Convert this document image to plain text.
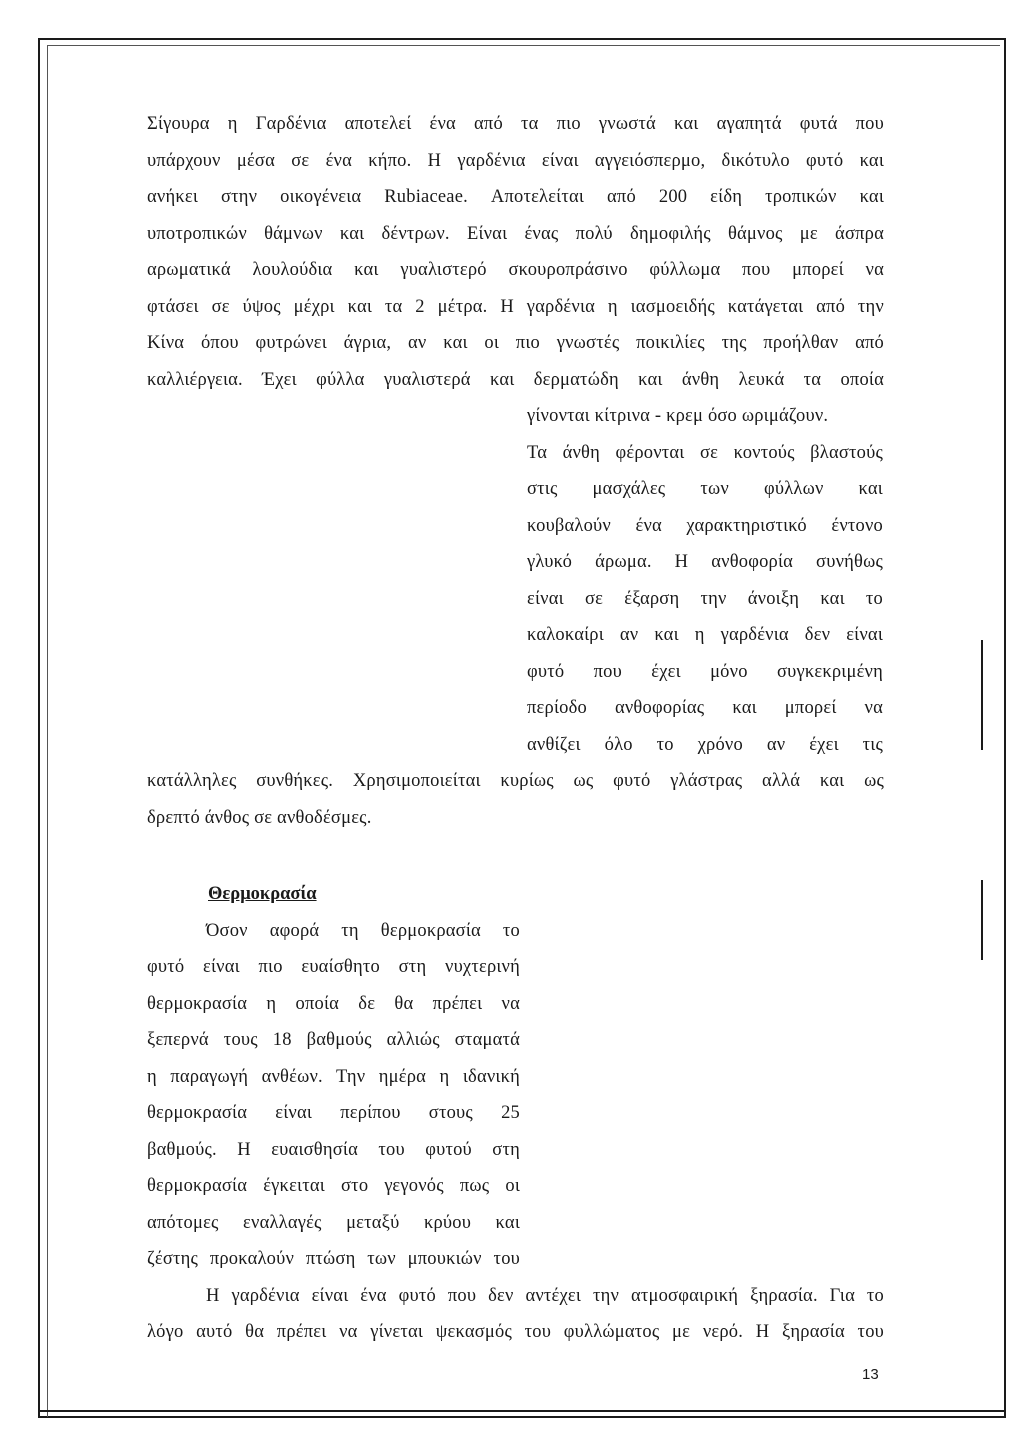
Σίγουρα η Γαρδένια αποτελεί ένα από τα πιο γνωστά και αγαπητά φυτά που
υπάρχουν μέσα σε ένα κήπο. Η γαρδένια είναι αγγειόσπερμο, δικότυλο φυτό και
ανήκει στην οικογένεια Rubiaceae. Αποτελείται από 200 είδη τροπικών και
υποτροπικών θάμνων και δέντρων. Είναι ένας πολύ δημοφιλής θάμνος με άσπρα
αρωματικά λουλούδια και γυαλιστερό σκουροπράσινο φύλλωμα που μπορεί να
φτάσει σε ύψος μέχρι και τα 2 μέτρα. Η γαρδένια η ιασμοειδής κατάγεται από την
Κίνα όπου φυτρώνει άγρια, αν και οι πιο γνωστές ποικιλίες της προήλθαν από
καλλιέργεια. Έχει φύλλα γυαλιστερά και δερματώδη και άνθη λευκά τα οποία
γίνονται κίτρινα - κρεμ όσο ωριμάζουν.
Τα άνθη φέρονται σε κοντούς βλαστούς
στις μασχάλες των φύλλων και
κουβαλούν ένα χαρακτηριστικό έντονο
γλυκό άρωμα. Η ανθοφορία συνήθως
είναι σε έξαρση την άνοιξη και το
καλοκαίρι αν και η γαρδένια δεν είναι
φυτό που έχει μόνο συγκεκριμένη
περίοδο ανθοφορίας και μπορεί να
ανθίζει όλο το χρόνο αν έχει τις
κατάλληλες συνθήκες. Χρησιμοποιείται κυρίως ως φυτό γλάστρας αλλά και ως
δρεπτό άνθος σε ανθοδέσμες.
Θερμοκρασία
Όσον αφορά τη θερμοκρασία το
φυτό είναι πιο ευαίσθητο στη νυχτερινή
θερμοκρασία η οποία δε θα πρέπει να
ξεπερνά τους 18 βαθμούς αλλιώς σταματά
η παραγωγή ανθέων. Την ημέρα η ιδανική
θερμοκρασία είναι περίπου στους 25
βαθμούς. Η ευαισθησία του φυτού στη
θερμοκρασία έγκειται στο γεγονός πως οι
απότομες εναλλαγές μεταξύ κρύου και
ζέστης προκαλούν πτώση των μπουκιών του
Η γαρδένια είναι ένα φυτό που δεν αντέχει την ατμοσφαιρική ξηρασία. Για το
λόγο αυτό θα πρέπει να γίνεται ψεκασμός του φυλλώματος με νερό. Η ξηρασία του
13
